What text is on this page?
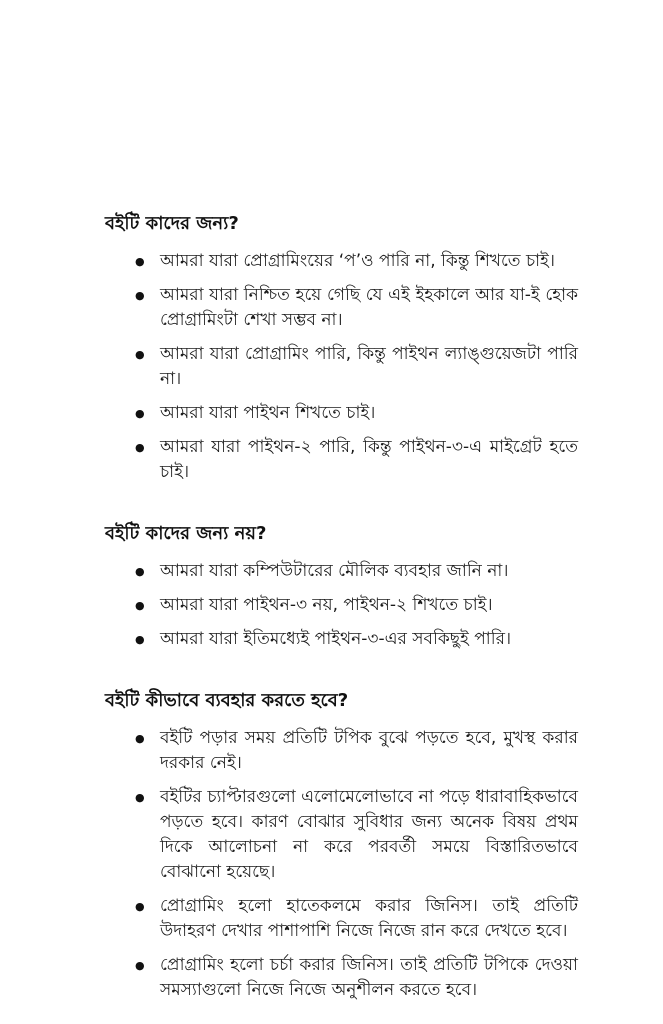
বইটি কাদের জন্য?
● আমরা যারা প্রোগ্রামিংয়ের ‘প’ও পারি না, কিন্তু শিখতে চাই।
● আমরা যারা নিশ্চিত হয়ে গেছি যে এই ইহকালে আর যা-ই হোক প্রোগ্রামিংটা শেখা সম্ভব না।
● আমরা যারা প্রোগ্রামিং পারি, কিন্তু পাইথন ল্যাঙ্গুয়েজটা পারি না।
● আমরা যারা পাইথন শিখতে চাই।
● আমরা যারা পাইথন-২ পারি, কিন্তু পাইথন-৩-এ মাইগ্রেট হতে চাই।
বইটি কাদের জন্য নয়?
● আমরা যারা কম্পিউটারের মৌলিক ব্যবহার জানি না।
● আমরা যারা পাইথন-৩ নয়, পাইথন-২ শিখতে চাই।
● আমরা যারা ইতিমধ্যেই পাইথন-৩-এর সবকিছুই পারি।
বইটি কীভাবে ব্যবহার করতে হবে?
● বইটি পড়ার সময় প্রতিটি টপিক বুঝে পড়তে হবে, মুখস্থ করার দরকার নেই।
● বইটির চ্যাপ্টারগুলো এলোমেলোভাবে না পড়ে ধারাবাহিকভাবে পড়তে হবে। কারণ বোঝার সুবিধার জন্য অনেক বিষয় প্রথম দিকে আলোচনা না করে পরবর্তী সময়ে বিস্তারিতভাবে বোঝানো হয়েছে।
● প্রোগ্রামিং হলো হাতেকলমে করার জিনিস। তাই প্রতিটি উদাহরণ দেখার পাশাপাশি নিজে নিজে রান করে দেখতে হবে।
● প্রোগ্রামিং হলো চর্চা করার জিনিস। তাই প্রতিটি টপিকে দেওয়া সমস্যাগুলো নিজে নিজে অনুশীলন করতে হবে।
